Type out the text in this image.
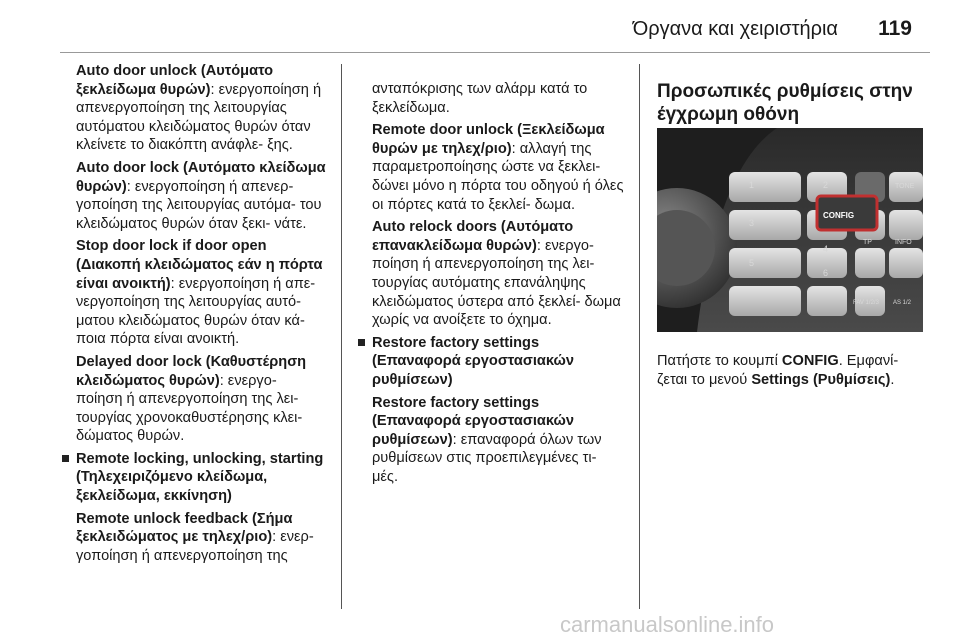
Όργανα και χειριστήρια 119

Auto door unlock (Αυτόματο ξεκλείδωμα θυρών): ενεργοποίηση ή απενεργοποίηση της λειτουργίας αυτόματου κλειδώματος θυρών όταν κλείνετε το διακόπτη ανάφλε- ξης.

Auto door lock (Αυτόματο κλείδωμα θυρών): ενεργοποίηση ή απενερ- γοποίηση της λειτουργίας αυτόμα- του κλειδώματος θυρών όταν ξεκι- νάτε.

Stop door lock if door open (Διακοπή κλειδώματος εάν η πόρτα είναι ανοικτή): ενεργοποίηση ή απε- νεργοποίηση της λειτουργίας αυτό- ματου κλειδώματος θυρών όταν κά- ποια πόρτα είναι ανοικτή.

Delayed door lock (Καθυστέρηση κλειδώματος θυρών): ενεργο- ποίηση ή απενεργοποίηση της λει- τουργίας χρονοκαθυστέρησης κλει- δώματος θυρών.

Remote locking, unlocking, starting (Τηλεχειριζόμενο κλείδωμα, ξεκλείδωμα, εκκίνηση)

Remote unlock feedback (Σήμα ξεκλειδώματος με τηλεχ/ριο): ενερ- γοποίηση ή απενεργοποίηση της

ανταπόκρισης των αλάρμ κατά το ξεκλείδωμα.

Remote door unlock (Ξεκλείδωμα θυρών με τηλεχ/ριο): αλλαγή της παραμετροποίησης ώστε να ξεκλει- δώνει μόνο η πόρτα του οδηγού ή όλες οι πόρτες κατά το ξεκλεί- δωμα.

Auto relock doors (Αυτόματο επανακλείδωμα θυρών): ενεργο- ποίηση ή απενεργοποίηση της λει- τουργίας αυτόματης επανάληψης κλειδώματος ύστερα από ξεκλεί- δωμα χωρίς να ανοίξετε το όχημα.

Restore factory settings (Επαναφορά εργοστασιακών ρυθμίσεων)

Restore factory settings (Επαναφορά εργοστασιακών ρυθμίσεων): επαναφορά όλων των ρυθμίσεων στις προεπιλεγμένες τι- μές.

Προσωπικές ρυθμίσεις στην έγχρωμη οθόνη

1	2
3
4
5
6
CONFIG
TONE
TP	INFO
FAV 1/2/3 AS 1/2
Πατήστε το κουμπί CONFIG. Εμφανί- ζεται το μενού Settings (Ρυθμίσεις).
carmanualsonline.info
